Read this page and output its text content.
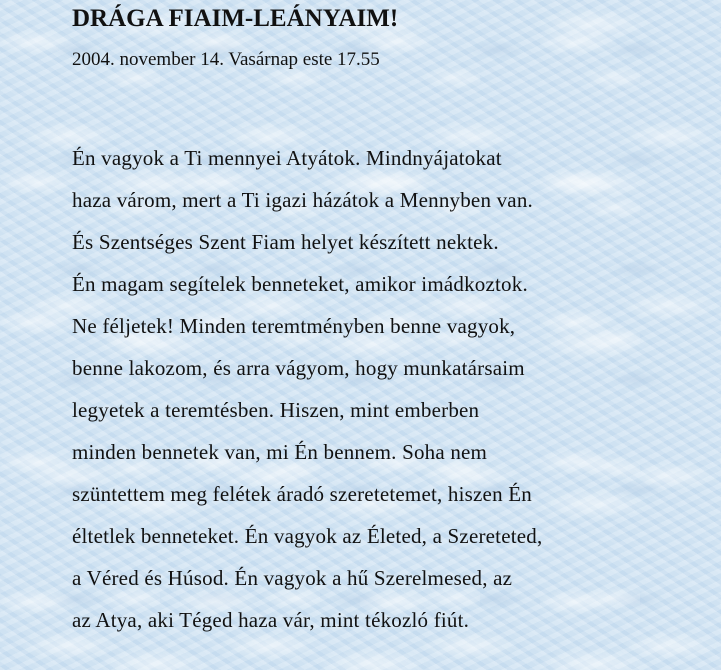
DRÁGA FIAIM-LEÁNYAIM!
2004. november 14. Vasárnap este 17.55
Én vagyok a Ti mennyei Atyátok. Mindnyájatokat
haza várom, mert a Ti igazi házátok a Mennyben van.
És Szentséges Szent Fiam helyet készített nektek.
Én magam segítelek benneteket, amikor imádkoztok.
Ne féljetek! Minden teremtményben benne vagyok,
benne lakozom, és arra vágyom, hogy munkatársaim
legyetek a teremtésben. Hiszen, mint emberben
minden bennetek van, mi Én bennem. Soha nem
szüntettem meg felétek áradó szeretetemet, hiszen Én
éltetlek benneteket. Én vagyok az Életed, a Szereteted,
a Véred és Húsod. Én vagyok a hű Szerelmesed, az
az Atya, aki Téged haza vár, mint tékozló fiút.
